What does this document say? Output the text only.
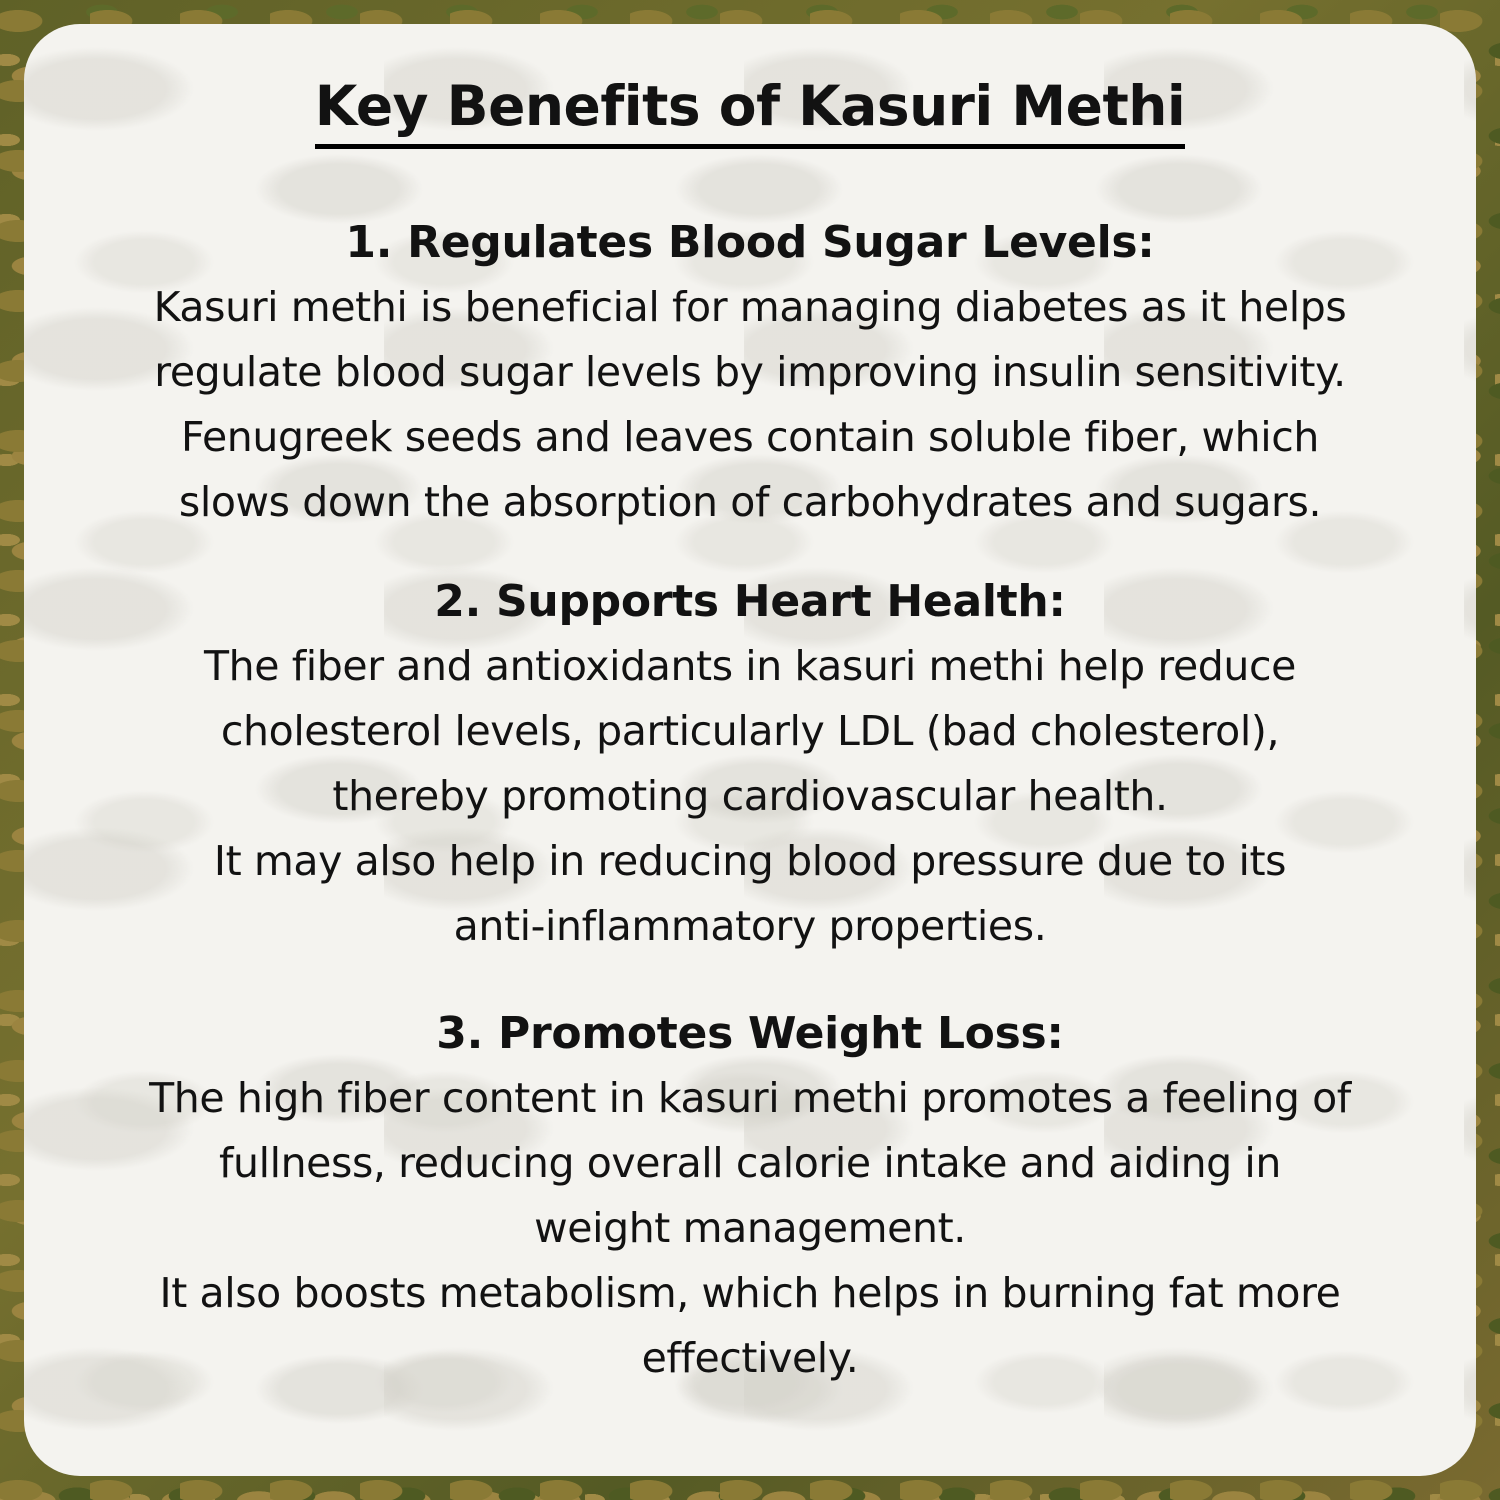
Key Benefits of Kasuri Methi

1. Regulates Blood Sugar Levels:

Kasuri methi is beneficial for managing diabetes as it helps

regulate blood sugar levels by improving insulin sensitivity.

Fenugreek seeds and leaves contain soluble fiber, which

slows down the absorption of carbohydrates and sugars.

2. Supports Heart Health:

The fiber and antioxidants in kasuri methi help reduce

cholesterol levels, particularly LDL (bad cholesterol),

thereby promoting cardiovascular health.

It may also help in reducing blood pressure due to its

anti-inflammatory properties.

3. Promotes Weight Loss:

The high fiber content in kasuri methi promotes a feeling of

fullness, reducing overall calorie intake and aiding in

weight management.

It also boosts metabolism, which helps in burning fat more

effectively.
